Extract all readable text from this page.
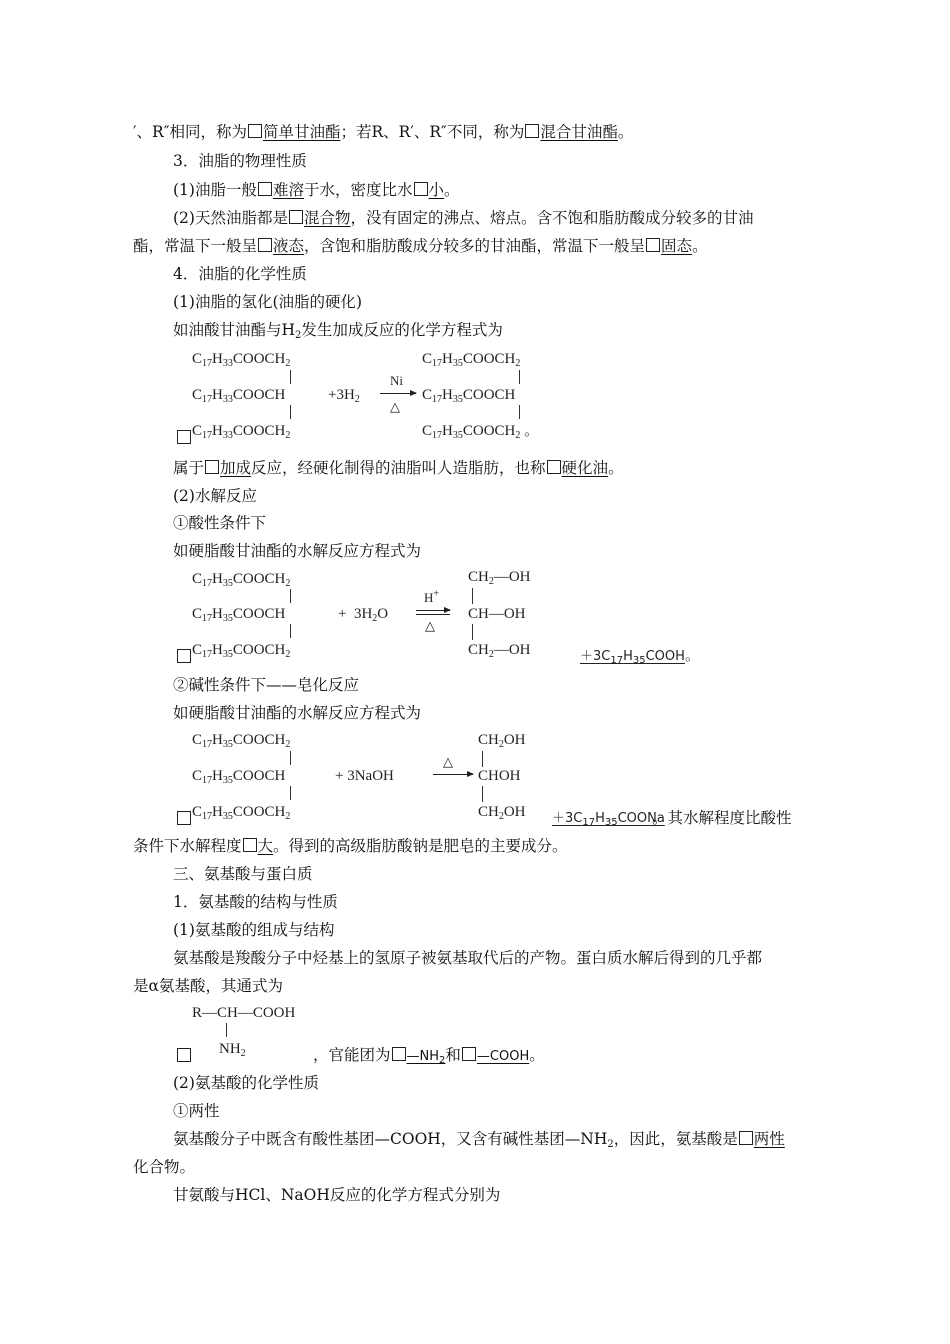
′、R″相同，称为 简单甘油酯；若R、R′、R″不同，称为 混合甘油酯。
3．油脂的物理性质
(1)油脂一般 难溶于水，密度比水 小。
(2)天然油脂都是 混合物，没有固定的沸点、熔点。含不饱和脂肪酸成分较多的甘油
酯，常温下一般呈 液态，含饱和脂肪酸成分较多的甘油酯，常温下一般呈 固态。
4．油脂的化学性质
(1)油脂的氢化(油脂的硬化)
如油酸甘油酯与H2发生加成反应的化学方程式为
$C_{17}H_{33}COOCH_2$
$C_{17}H_{33}COOCH$
$C_{17}H_{33}COOCH_2$
$+3H_2$
Ni
△
$C_{17}H_{35}COOCH_2$
$C_{17}H_{35}COOCH$
$C_{17}H_{35}COOCH_2$ 。
属于 加成反应，经硬化制得的油脂叫人造脂肪，也称 硬化油。
(2)水解反应
①酸性条件下
如硬脂酸甘油酯的水解反应方程式为
$C_{17}H_{35}COOCH_2$
$C_{17}H_{35}COOCH$
$C_{17}H_{35}COOCH_2$
+  $3H_2O$
H+
△
$CH_2—OH$
CH—OH
$CH_2—OH$	$+3C_{17}H_{35}COOH$。
②碱性条件下——皂化反应
如硬脂酸甘油酯的水解反应方程式为
$C_{17}H_{35}COOCH_2$
$C_{17}H_{35}COOCH$
$C_{17}H_{35}COOCH_2$
+ 3NaOH
△
$CH_2OH$
CHOH
$CH_2OH$ $+3C_{17}H_{35}COONa$
。其水解程度比酸性
条件下水解程度 大。得到的高级脂肪酸钠是肥皂的主要成分。
三、氨基酸与蛋白质
1．氨基酸的结构与性质
(1)氨基酸的组成与结构
氨基酸是羧酸分子中烃基上的氢原子被氨基取代后的产物。蛋白质水解后得到的几乎都
是α氨基酸，其通式为
R—CH—COOH
$NH_2$	，官能团为 $—NH_2$和 —COOH。
(2)氨基酸的化学性质
①两性
氨基酸分子中既含有酸性基团—COOH，又含有碱性基团—NH2，因此，氨基酸是 两性
化合物。
甘氨酸与HCl、NaOH反应的化学方程式分别为
